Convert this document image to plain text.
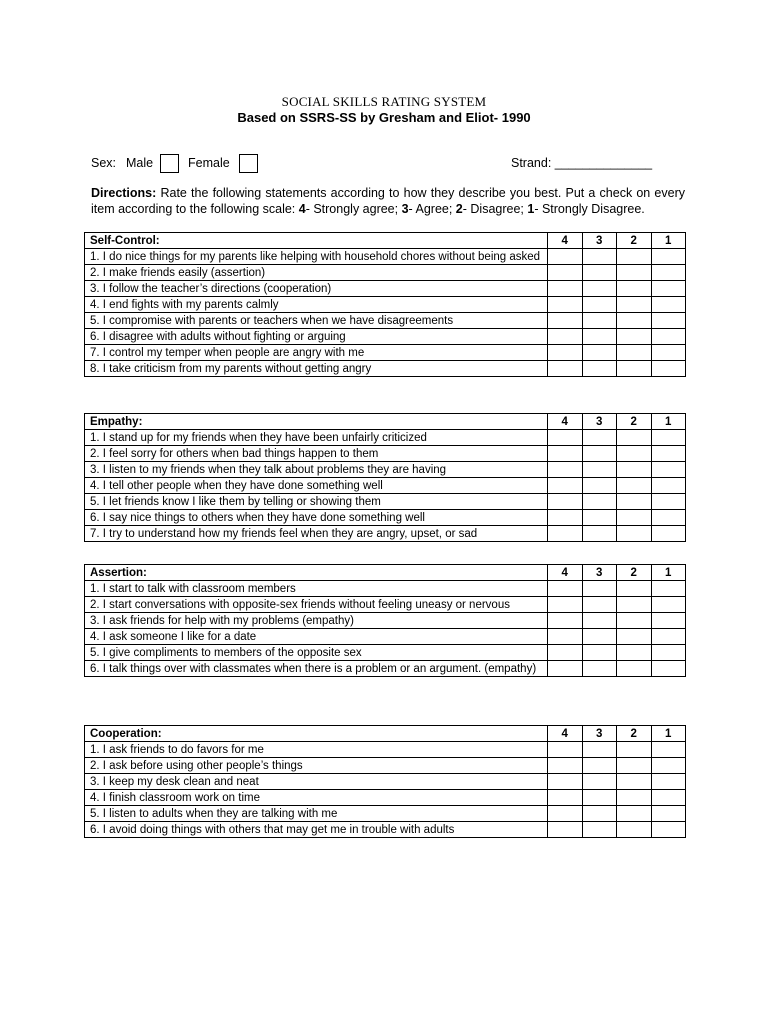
SOCIAL SKILLS RATING SYSTEM
Based on SSRS-SS by Gresham and Eliot- 1990
Sex: Male	Female	Strand: ______________
Directions: Rate the following statements according to how they describe you best. Put a check on every item according to the following scale: 4- Strongly agree; 3- Agree; 2- Disagree; 1- Strongly Disagree.
Self-Control:	4	3	2	1
1. I do nice things for my parents like helping with household chores without being asked				
2. I make friends easily (assertion)				
3. I follow the teacher’s directions (cooperation)				
4. I end fights with my parents calmly				
5. I compromise with parents or teachers when we have disagreements				
6. I disagree with adults without fighting or arguing				
7. I control my temper when people are angry with me				
8. I take criticism from my parents without getting angry				
Empathy:	4	3	2	1
1. I stand up for my friends when they have been unfairly criticized				
2. I feel sorry for others when bad things happen to them				
3. I listen to my friends when they talk about problems they are having				
4. I tell other people when they have done something well				
5. I let friends know I like them by telling or showing them				
6. I say nice things to others when they have done something well				
7. I try to understand how my friends feel when they are angry, upset, or sad				
Assertion:	4	3	2	1
1. I start to talk with classroom members				
2. I start conversations with opposite-sex friends without feeling uneasy or nervous				
3. I ask friends for help with my problems (empathy)				
4. I ask someone I like for a date				
5. I give compliments to members of the opposite sex				
6. I talk things over with classmates when there is a problem or an argument. (empathy)				
Cooperation:	4	3	2	1
1. I ask friends to do favors for me				
2. I ask before using other people’s things				
3. I keep my desk clean and neat				
4. I finish classroom work on time				
5. I listen to adults when they are talking with me				
6. I avoid doing things with others that may get me in trouble with adults				
